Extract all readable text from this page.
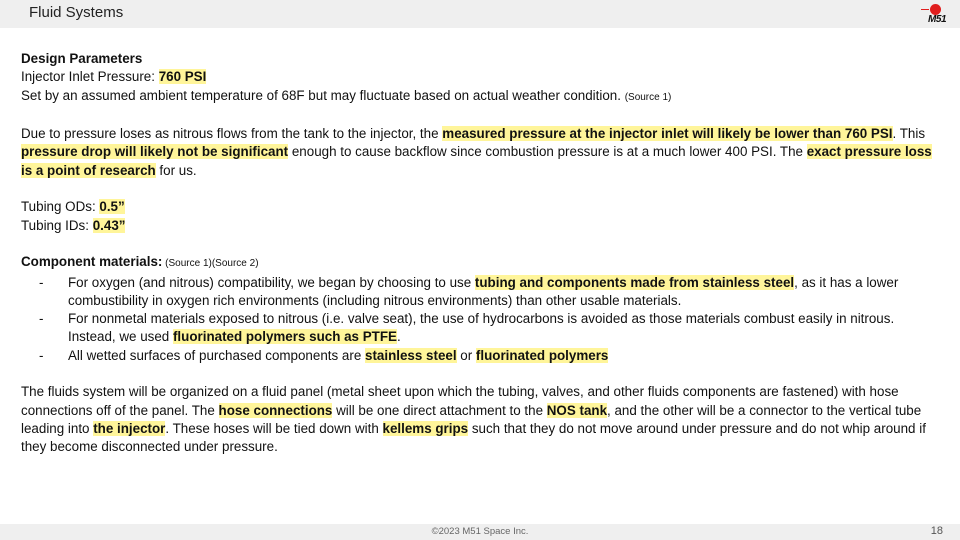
Fluid Systems	M51

Design Parameters

Injector Inlet Pressure: 760 PSI

Set by an assumed ambient temperature of 68F but may fluctuate based on actual weather condition. (Source 1)

Due to pressure loses as nitrous flows from the tank to the injector, the measured pressure at the injector inlet will likely be lower than 760 PSI. This pressure drop will likely not be significant enough to cause backflow since combustion pressure is at a much lower 400 PSI. The exact pressure loss is a point of research for us.

Tubing ODs: 0.5”

Tubing IDs: 0.43”

Component materials: (Source 1)(Source 2)

- For oxygen (and nitrous) compatibility, we began by choosing to use tubing and components made from stainless steel, as it has a lower combustibility in oxygen rich environments (including nitrous environments) than other usable materials.
- For nonmetal materials exposed to nitrous (i.e. valve seat), the use of hydrocarbons is avoided as those materials combust easily in nitrous. Instead, we used fluorinated polymers such as PTFE.
- All wetted surfaces of purchased components are stainless steel or fluorinated polymers

The fluids system will be organized on a fluid panel (metal sheet upon which the tubing, valves, and other fluids components are fastened) with hose connections off of the panel. The hose connections will be one direct attachment to the NOS tank, and the other will be a connector to the vertical tube leading into the injector. These hoses will be tied down with kellems grips such that they do not move around under pressure and do not whip around if they become disconnected under pressure.

©2023 M51 Space Inc.	18
